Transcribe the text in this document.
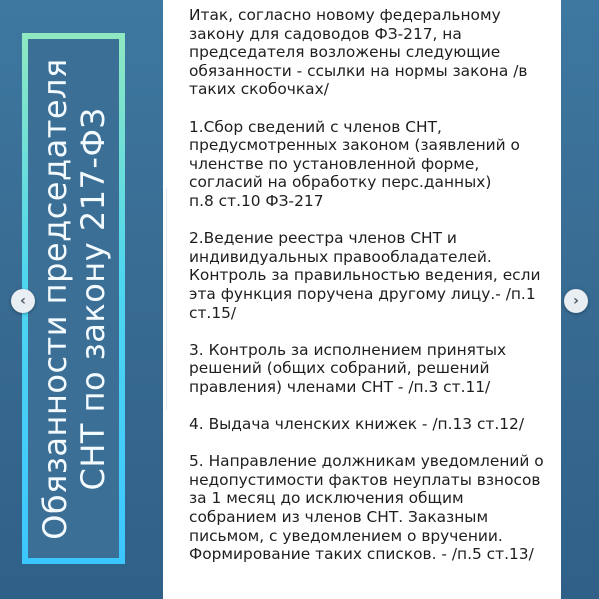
Обязанности председателя СНТ по закону 217-ФЗ

Итак, согласно новому федеральному
закону для садоводов ФЗ-217, на
председателя возложены следующие
обязанности - ссылки на нормы закона /в
таких скобочках/

1.Сбор сведений с членов СНТ,
предусмотренных законом (заявлений о
членстве по установленной форме,
согласий на обработку перс.данных)
п.8 ст.10 ФЗ-217

2.Ведение реестра членов СНТ и
индивидуальных правообладателей.
Контроль за правильностью ведения, если
эта функция поручена другому лицу.- /п.1
ст.15/

3. Контроль за исполнением принятых
решений (общих собраний, решений
правления) членами СНТ - /п.3 ст.11/

4. Выдача членских книжек - /п.13 ст.12/

5. Направление должникам уведомлений о
недопустимости фактов неуплаты взносов
за 1 месяц до исключения общим
собранием из членов СНТ. Заказным
письмом, с уведомлением о вручении.
Формирование таких списков. - /п.5 ст.13/

‹	›
